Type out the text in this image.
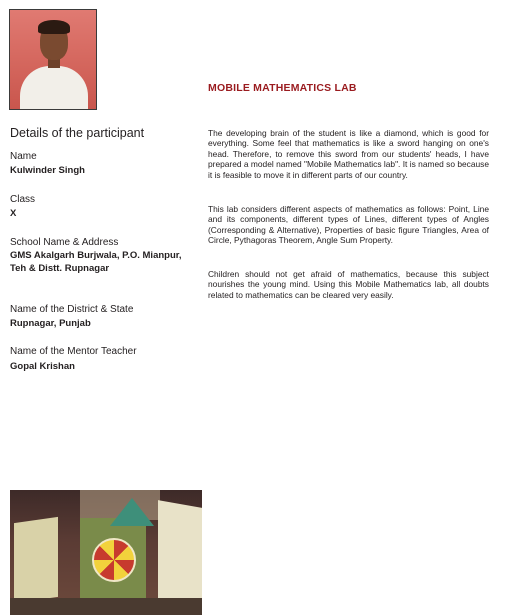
Details of the participant

Name

Kulwinder Singh

Class

X

School Name & Address

GMS Akalgarh Burjwala, P.O. Mianpur, Teh & Distt. Rupnagar

Name of the District & State

Rupnagar, Punjab

Name of the Mentor Teacher

Gopal Krishan

MOBILE MATHEMATICS LAB

The developing brain of the student is like a diamond, which is good for everything. Some feel that mathematics is like a sword hanging on one's head. Therefore, to remove this sword from our students' heads, I have prepared a model named "Mobile Mathematics lab". It is named so because it is feasible to move it in different parts of our country.

This lab considers different aspects of mathematics as follows: Point, Line and its components, different types of Lines, different types of Angles (Corresponding & Alternative), Properties of basic figure Triangles, Area of Circle, Pythagoras Theorem, Angle Sum Property.

Children should not get afraid of mathematics, because this subject nourishes the young mind. Using this Mobile Mathematics lab, all doubts related to mathematics can be cleared very easily.
